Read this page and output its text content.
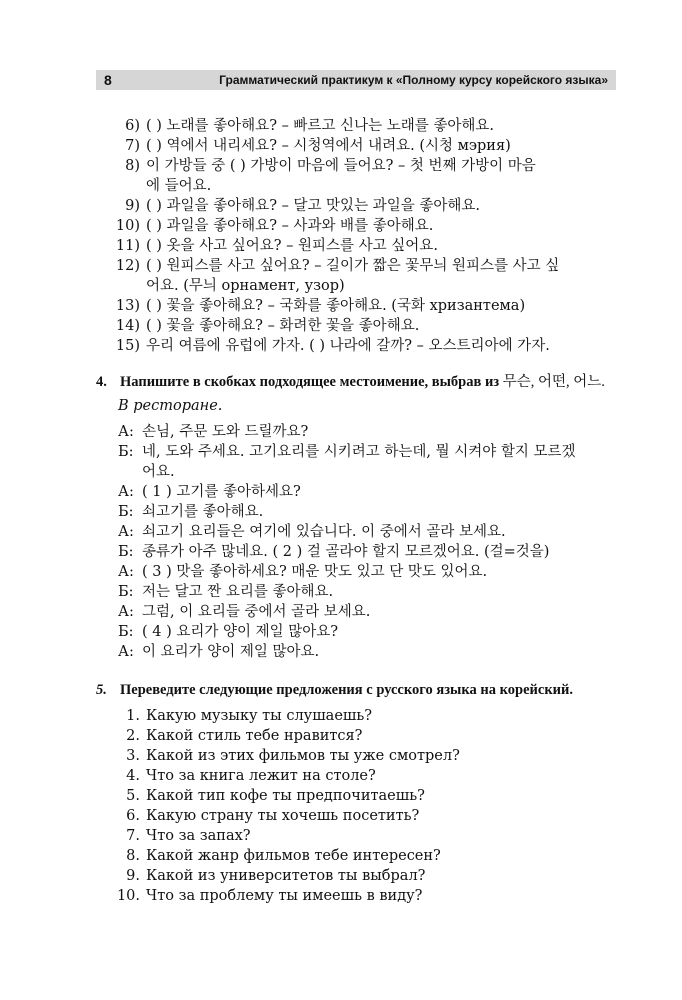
8	Грамматический практикум к «Полному курсу корейского языка»
6) ( ) 노래를 좋아해요? – 빠르고 신나는 노래를 좋아해요.
7) ( ) 역에서 내리세요? – 시청역에서 내려요. (시청 мэрия)
8) 이 가방들 중 ( ) 가방이 마음에 들어요? – 첫 번째 가방이 마음
에 들어요.
9) ( ) 과일을 좋아해요? – 달고 맛있는 과일을 좋아해요.
10) ( ) 과일을 좋아해요? – 사과와 배를 좋아해요.
11) ( ) 옷을 사고 싶어요? – 원피스를 사고 싶어요.
12) ( ) 원피스를 사고 싶어요? – 길이가 짧은 꽃무늬 원피스를 사고 싶
어요. (무늬 орнамент, узор)
13) ( ) 꽃을 좋아해요? – 국화를 좋아해요. (국화 хризантема)
14) ( ) 꽃을 좋아해요? – 화려한 꽃을 좋아해요.
15) 우리 여름에 유럽에 가자. ( ) 나라에 갈까? – 오스트리아에 가자.
4. Напишите в скобках подходящее местоимение, выбрав из 무슨, 어떤, 어느.
В ресторане.
А: 손님, 주문 도와 드릴까요?
Б: 네, 도와 주세요. 고기요리를 시키려고 하는데, 뭘 시켜야 할지 모르겠
어요.
А: ( 1 ) 고기를 좋아하세요?
Б: 쇠고기를 좋아해요.
А: 쇠고기 요리들은 여기에 있습니다. 이 중에서 골라 보세요.
Б: 종류가 아주 많네요. ( 2 ) 걸 골라야 할지 모르겠어요. (걸=것을)
А: ( 3 ) 맛을 좋아하세요? 매운 맛도 있고 단 맛도 있어요.
Б: 저는 달고 짠 요리를 좋아해요.
А: 그럼, 이 요리들 중에서 골라 보세요.
Б: ( 4 ) 요리가 양이 제일 많아요?
А: 이 요리가 양이 제일 많아요.
5. Переведите следующие предложения с русского языка на корейский.
1. Какую музыку ты слушаешь?
2. Какой стиль тебе нравится?
3. Какой из этих фильмов ты уже смотрел?
4. Что за книга лежит на столе?
5. Какой тип кофе ты предпочитаешь?
6. Какую страну ты хочешь посетить?
7. Что за запах?
8. Какой жанр фильмов тебе интересен?
9. Какой из университетов ты выбрал?
10. Что за проблему ты имеешь в виду?
